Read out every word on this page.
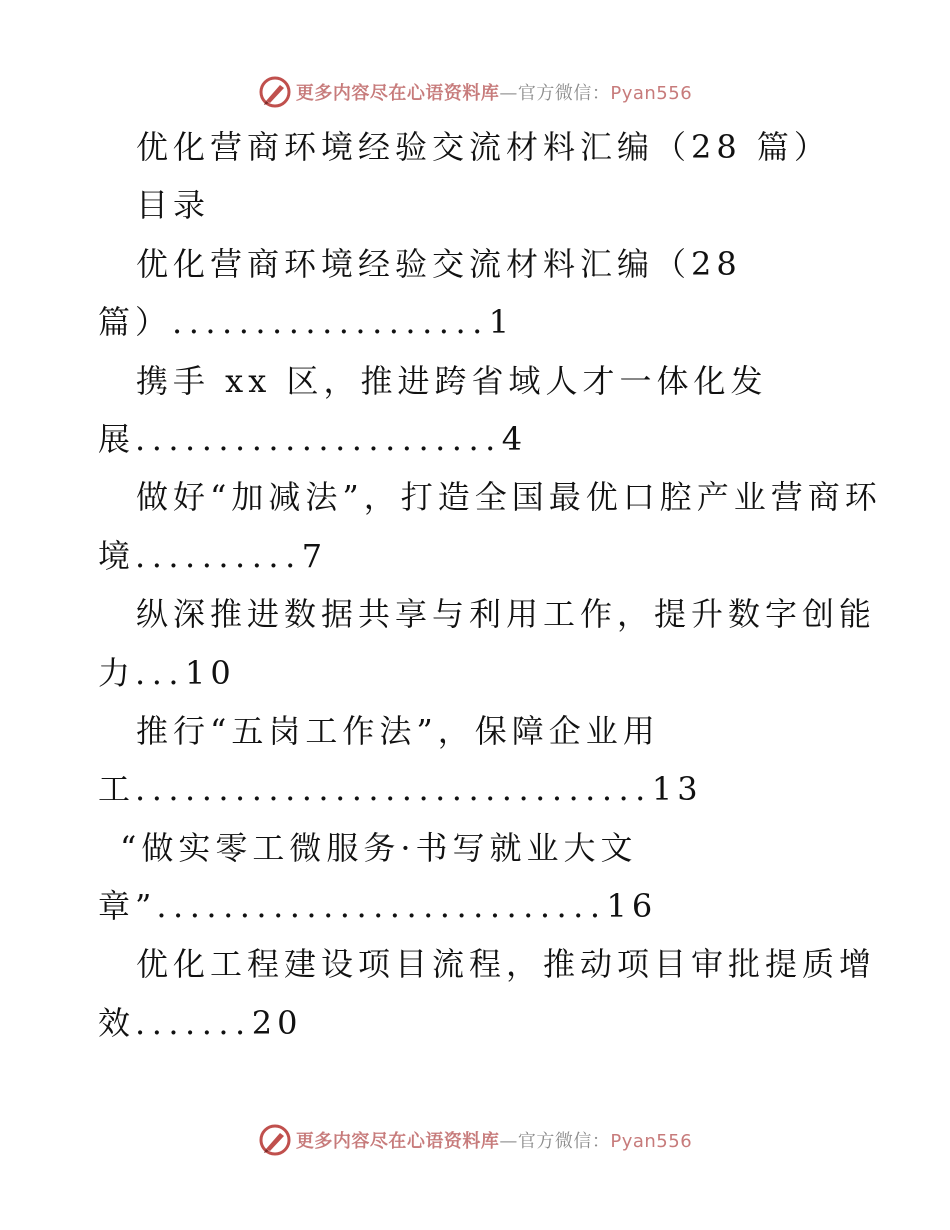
更多内容尽在心语资料库—官方微信：Pyan556
优化营商环境经验交流材料汇编（28 篇）
目录
优化营商环境经验交流材料汇编（28
篇）...................1
携手 xx 区，推进跨省域人才一体化发
展......................4
做好“加减法”，打造全国最优口腔产业营商环
境..........7
纵深推进数据共享与利用工作，提升数字创能
力...10
推行“五岗工作法”，保障企业用
工...............................13
“做实零工微服务·书写就业大文
章”...........................16
优化工程建设项目流程，推动项目审批提质增
效.......20
更多内容尽在心语资料库—官方微信：Pyan556
